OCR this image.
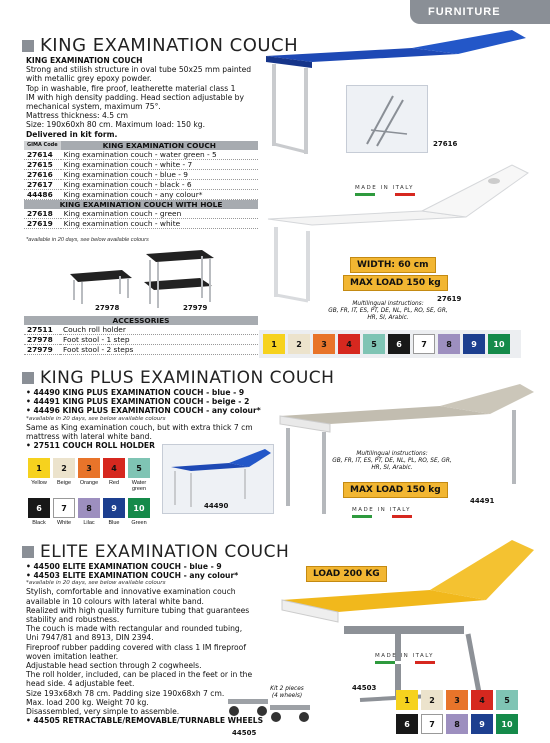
FURNITURE
KING EXAMINATION COUCH
KING EXAMINATION COUCH
Strong and stilish structure in oval tube 50x25 mm painted
with metallic grey epoxy powder.
Top in washable, fire proof, leatherette material class 1
IM with high density padding. Head section adjustable by
mechanical system, maximum 75°.
Mattress thickness: 4.5 cm
Size: 190x60xh 80 cm. Maximum load: 150 kg.
Delivered in kit form.
GIMA Code	KING EXAMINATION COUCH
27614	King examination couch - water green - 5
27615	King examination couch - white - 7
27616	King examination couch - blue - 9
27617	King examination couch - black - 6
44486	King examination couch - any colour*
KING EXAMINATION COUCH WITH HOLE	
27618	King examination couch - green
27619	King examination couch - white
*available in 20 days, see below available colours
27978	27979
ACCESSORIES	
27511	Couch roll holder
27978	Foot stool - 1 step
27979	Foot stool - 2 steps
27616
MADE IN ITALY
WIDTH: 60 cm
MAX LOAD 150 kg
27619
Multilingual instructions:
GB, FR, IT, ES, PT, DE, NL, PL, RO, SE, GR,
HR, SI, Arabic.
1	2	3	4	5	6	7	8	9	10
KING PLUS EXAMINATION COUCH
• 44490 KING PLUS EXAMINATION COUCH - blue - 9
• 44491 KING PLUS EXAMINATION COUCH - beige - 2
• 44496 KING PLUS EXAMINATION COUCH - any colour*
*available in 20 days, see below available colours
Same as King examination couch, but with extra thick 7 cm
mattress with lateral white band.
• 27511 COUCH ROLL HOLDER
1	2	3	4	5
Yellow	Beige	Orange	Red	Water green
6	7	8	9	10
Black	White	Lilac	Blue	Green
44490
Multilingual instructions:
GB, FR, IT, ES, PT, DE, NL, PL, RO, SE, GR,
HR, SI, Arabic.
MAX LOAD 150 kg
44491
MADE IN ITALY
ELITE EXAMINATION COUCH
• 44500 ELITE EXAMINATION COUCH - blue - 9
• 44503 ELITE EXAMINATION COUCH - any colour*
*available in 20 days, see below available colours
Stylish, comfortable and innovative examination couch
available in 10 colours with lateral white band.
Realized with high quality furniture tubing that guarantees
stability and robustness.
The couch is made with rectangular and rounded tubing,
Uni 7947/81 and 8913, DIN 2394.
Fireproof rubber padding covered with class 1 IM fireproof
woven imitation leather.
Adjustable head section through 2 cogwheels.
The roll holder, included, can be placed in the feet or in the
head side. 4 adjustable feet.
Size 193x68xh 78 cm. Padding size 190x68xh 7 cm.
Max. load 200 kg. Weight 70 kg.
Disassembled, very simple to assemble.
• 44505 RETRACTABLE/REMOVABLE/TURNABLE WHEELS
LOAD 200 KG
MADE IN ITALY
44503
Kit 2 pieces
(4 wheels)
44505
1	2	3	4	5
6	7	8	9	10
